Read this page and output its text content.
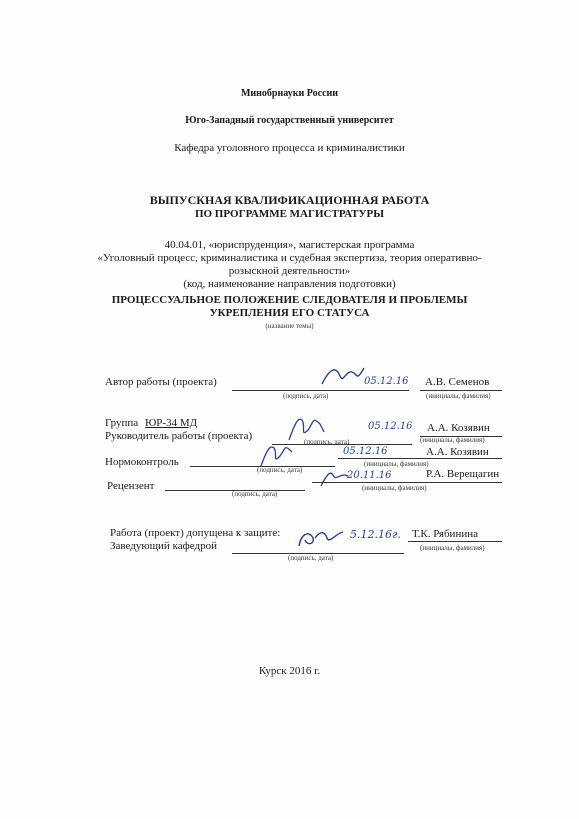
Минобрнауки России
Юго-Западный государственный университет
Кафедра уголовного процесса и криминалистики
ВЫПУСКНАЯ КВАЛИФИКАЦИОННАЯ РАБОТА
ПО ПРОГРАММЕ МАГИСТРАТУРЫ
40.04.01, «юриспруденция», магистерская программа
«Уголовный процесс, криминалистика и судебная экспертиза, теория оперативно-
розыскной деятельности»
(код, наименование направления подготовки)
ПРОЦЕССУАЛЬНОЕ ПОЛОЖЕНИЕ СЛЕДОВАТЕЛЯ И ПРОБЛЕМЫ
УКРЕПЛЕНИЯ ЕГО СТАТУСА
(название темы)
Автор работы (проекта)	05.12.16 А.В. Семенов
(подпись, дата)	(инициалы, фамилия)
Группа ЮР-34 МД
Руководитель работы (проекта)
05.12.16 А.А. Козявин
(подпись, дата)	(инициалы, фамилия)
Нормоконтроль
05.12.16	А.А. Козявин
(подпись, дата)
(инициалы, фамилия)
Рецензент
20.11.16	Р.А. Верещагин
(подпись, дата)
(инициалы, фамилия)
Работа (проект) допущена к защите:
Заведующий кафедрой
5.12.16г. Т.К. Рябинина
(подпись, дата)
(инициалы, фамилия)
Курск 2016 г.
